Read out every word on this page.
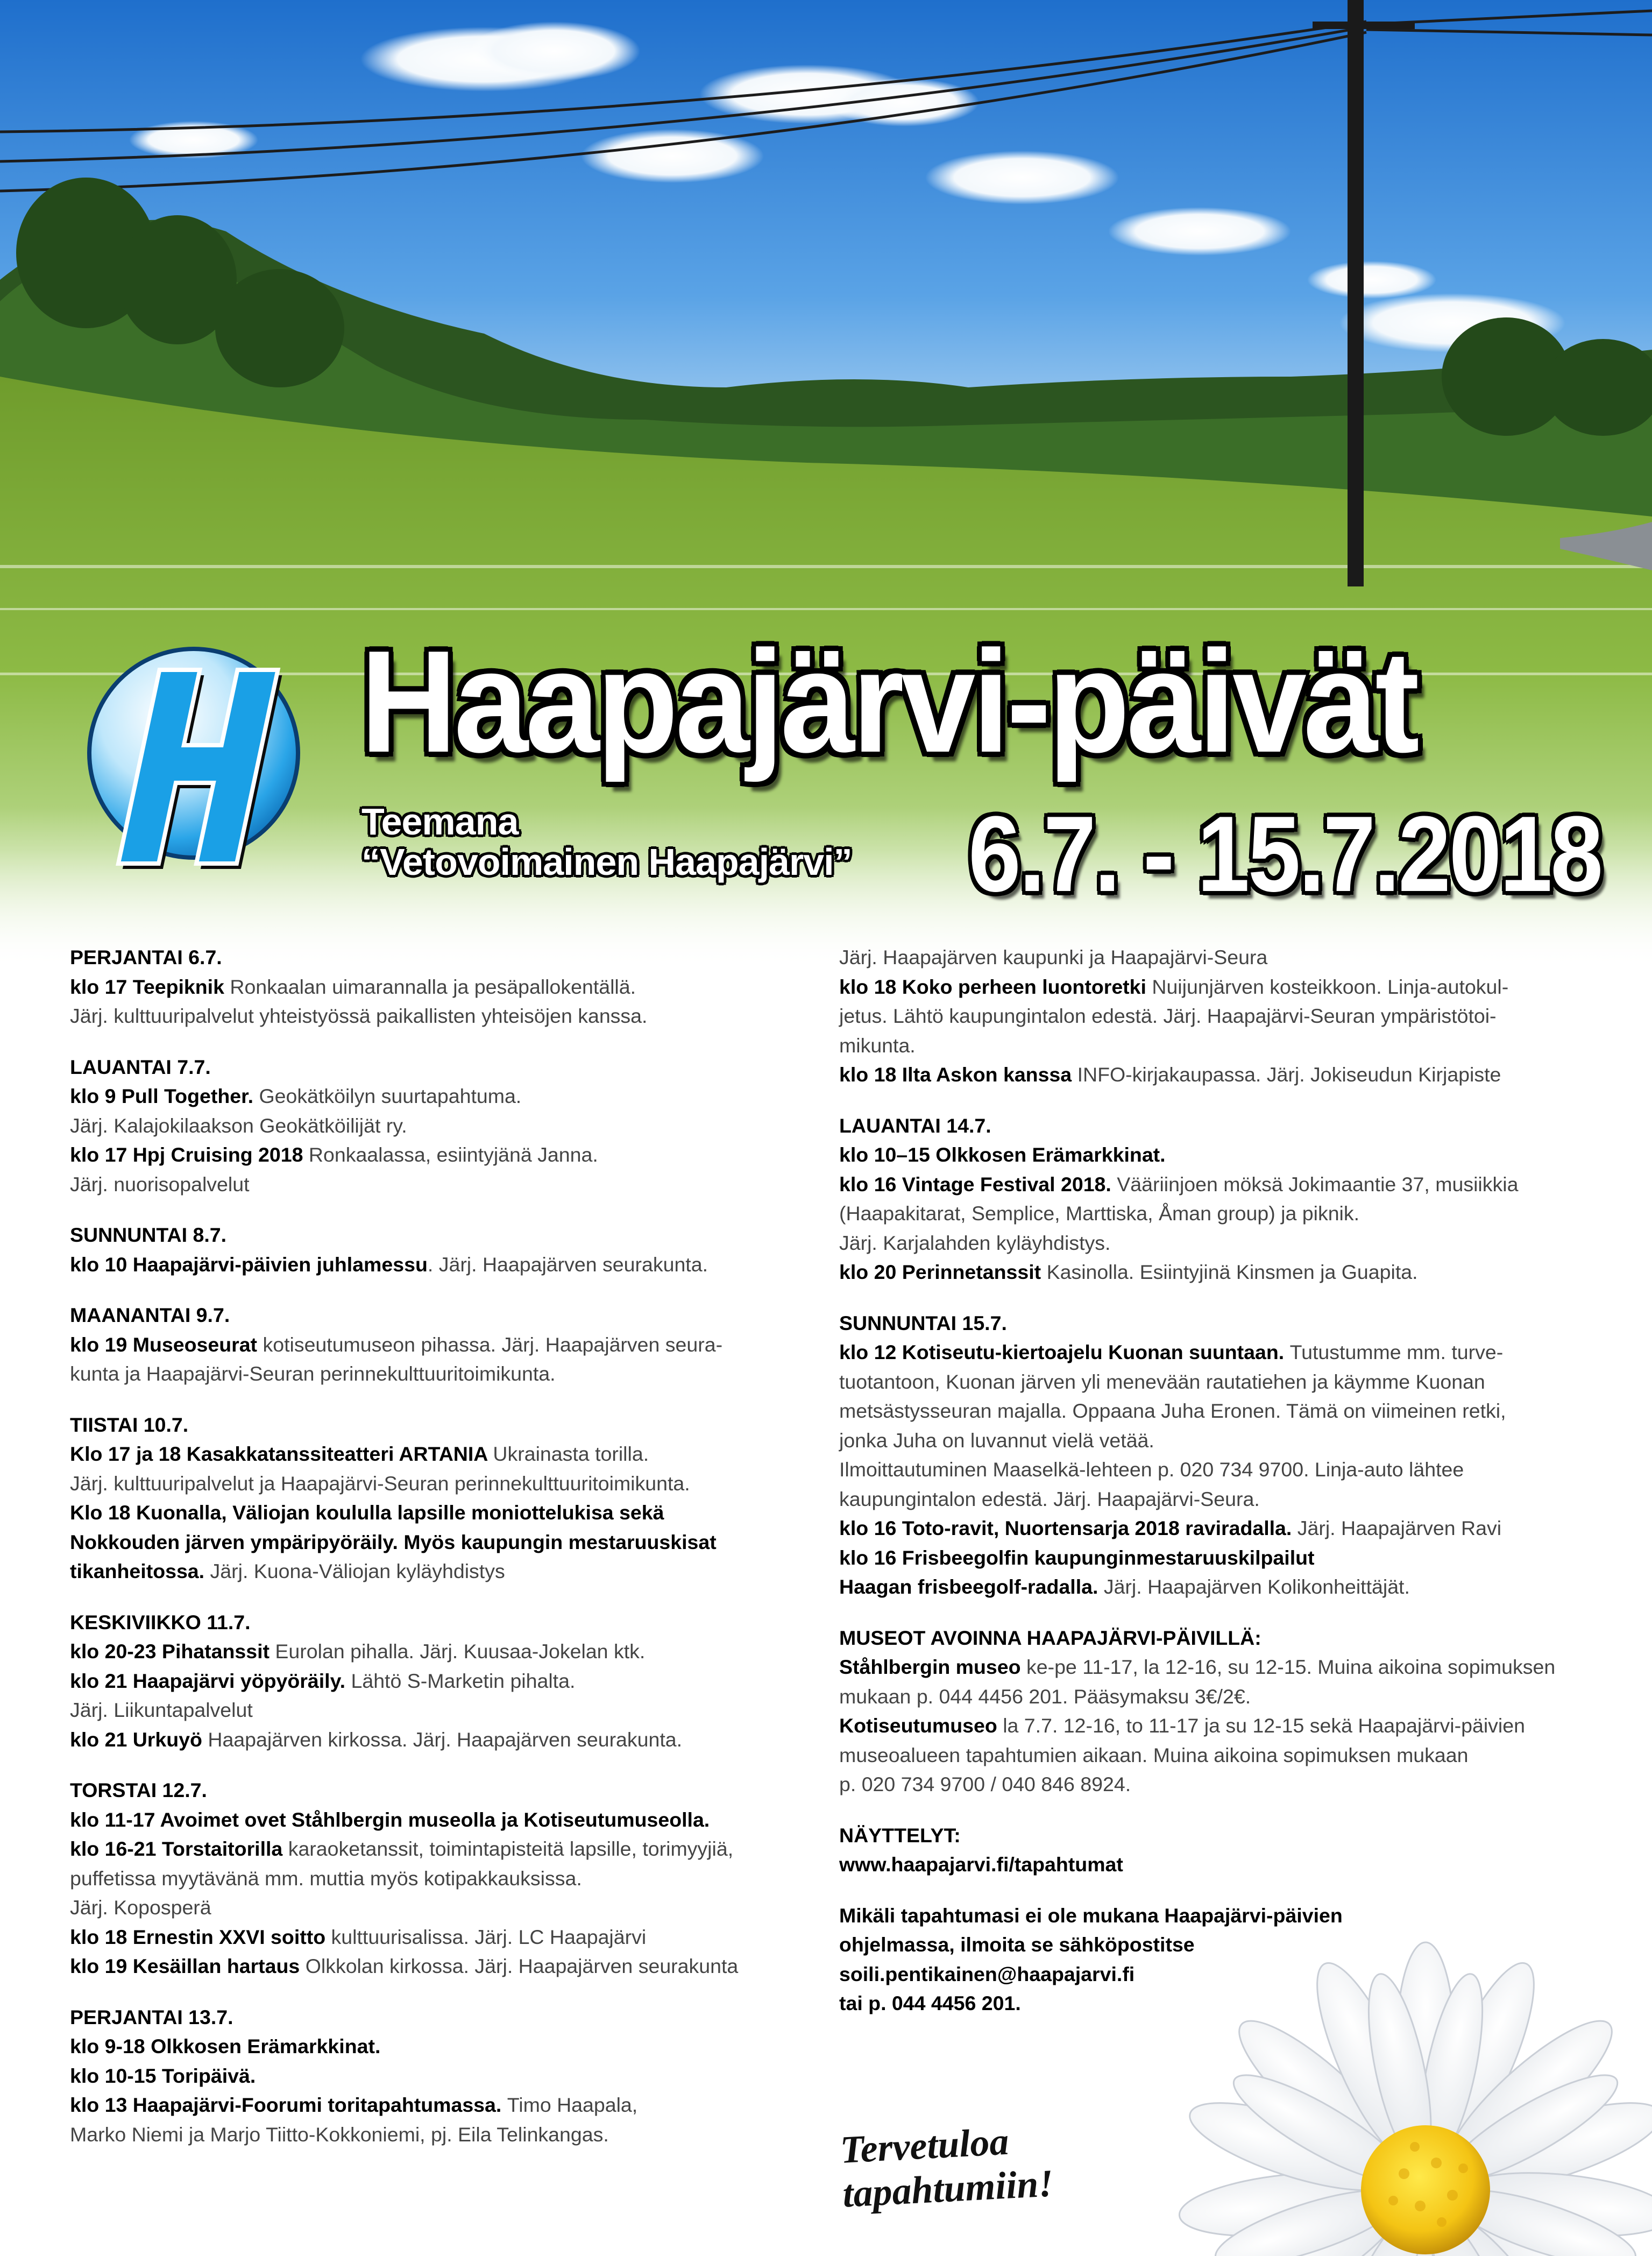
Haapajärvi-päivät
Teemana
“Vetovoimainen Haapajärvi” 6.7. - 15.7.2018
PERJANTAI 6.7.
klo 17 Teepiknik Ronkaalan uimarannalla ja pesäpallokentällä.
Järj. kulttuuripalvelut yhteistyössä paikallisten yhteisöjen kanssa.
LAUANTAI 7.7.
klo 9 Pull Together. Geokätköilyn suurtapahtuma.
Järj. Kalajokilaakson Geokätköilijät ry.
klo 17 Hpj Cruising 2018 Ronkaalassa, esiintyjänä Janna.
Järj. nuorisopalvelut
SUNNUNTAI 8.7.
klo 10 Haapajärvi-päivien juhlamessu. Järj. Haapajärven seurakunta.
MAANANTAI 9.7.
klo 19 Museoseurat kotiseutumuseon pihassa. Järj. Haapajärven seura-
kunta ja Haapajärvi-Seuran perinnekulttuuritoimikunta.
TIISTAI 10.7.
Klo 17 ja 18 Kasakkatanssiteatteri ARTANIA Ukrainasta torilla.
Järj. kulttuuripalvelut ja Haapajärvi-Seuran perinnekulttuuritoimikunta.
Klo 18 Kuonalla, Väliojan koululla lapsille moniottelukisa sekä
Nokkouden järven ympäripyöräily. Myös kaupungin mestaruuskisat
tikanheitossa. Järj. Kuona-Väliojan kyläyhdistys
KESKIVIIKKO 11.7.
klo 20-23 Pihatanssit Eurolan pihalla. Järj. Kuusaa-Jokelan ktk.
klo 21 Haapajärvi yöpyöräily. Lähtö S-Marketin pihalta.
Järj. Liikuntapalvelut
klo 21 Urkuyö Haapajärven kirkossa. Järj. Haapajärven seurakunta.
TORSTAI 12.7.
klo 11-17 Avoimet ovet Ståhlbergin museolla ja Kotiseutumuseolla.
klo 16-21 Torstaitorilla karaoketanssit, toimintapisteitä lapsille, torimyyjiä,
puffetissa myytävänä mm. muttia myös kotipakkauksissa.
Järj. Koposperä
klo 18 Ernestin XXVI soitto kulttuurisalissa. Järj. LC Haapajärvi
klo 19 Kesäillan hartaus Olkkolan kirkossa. Järj. Haapajärven seurakunta
PERJANTAI 13.7.
klo 9-18 Olkkosen Erämarkkinat.
klo 10-15 Toripäivä.
klo 13 Haapajärvi-Foorumi toritapahtumassa. Timo Haapala,
Marko Niemi ja Marjo Tiitto-Kokkoniemi, pj. Eila Telinkangas.
Järj. Haapajärven kaupunki ja Haapajärvi-Seura
klo 18 Koko perheen luontoretki Nuijunjärven kosteikkoon. Linja-autokul-
jetus. Lähtö kaupungintalon edestä. Järj. Haapajärvi-Seuran ympäristötoi-
mikunta.
klo 18 Ilta Askon kanssa INFO-kirjakaupassa. Järj. Jokiseudun Kirjapiste
LAUANTAI 14.7.
klo 10–15 Olkkosen Erämarkkinat.
klo 16 Vintage Festival 2018. Vääriinjoen möksä Jokimaantie 37, musiikkia
(Haapakitarat, Semplice, Marttiska, Åman group) ja piknik.
Järj. Karjalahden kyläyhdistys.
klo 20 Perinnetanssit Kasinolla. Esiintyjinä Kinsmen ja Guapita.
SUNNUNTAI 15.7.
klo 12 Kotiseutu-kiertoajelu Kuonan suuntaan. Tutustumme mm. turve-
tuotantoon, Kuonan järven yli menevään rautatiehen ja käymme Kuonan
metsästysseuran majalla. Oppaana Juha Eronen. Tämä on viimeinen retki,
jonka Juha on luvannut vielä vetää.
Ilmoittautuminen Maaselkä-lehteen p. 020 734 9700. Linja-auto lähtee
kaupungintalon edestä. Järj. Haapajärvi-Seura.
klo 16 Toto-ravit, Nuortensarja 2018 raviradalla. Järj. Haapajärven Ravi
klo 16 Frisbeegolfin kaupunginmestaruuskilpailut
Haagan frisbeegolf-radalla. Järj. Haapajärven Kolikonheittäjät.
MUSEOT AVOINNA HAAPAJÄRVI-PÄIVILLÄ:
Ståhlbergin museo ke-pe 11-17, la 12-16, su 12-15. Muina aikoina sopimuksen
mukaan p. 044 4456 201. Pääsymaksu 3€/2€.
Kotiseutumuseo la 7.7. 12-16, to 11-17 ja su 12-15 sekä Haapajärvi-päivien
museoalueen tapahtumien aikaan. Muina aikoina sopimuksen mukaan
p. 020 734 9700 / 040 846 8924.
NÄYTTELYT:
www.haapajarvi.fi/tapahtumat
Mikäli tapahtumasi ei ole mukana Haapajärvi-päivien
ohjelmassa, ilmoita se sähköpostitse
soili.pentikainen@haapajarvi.fi
tai p. 044 4456 201.
Tervetuloa
tapahtumiin!
